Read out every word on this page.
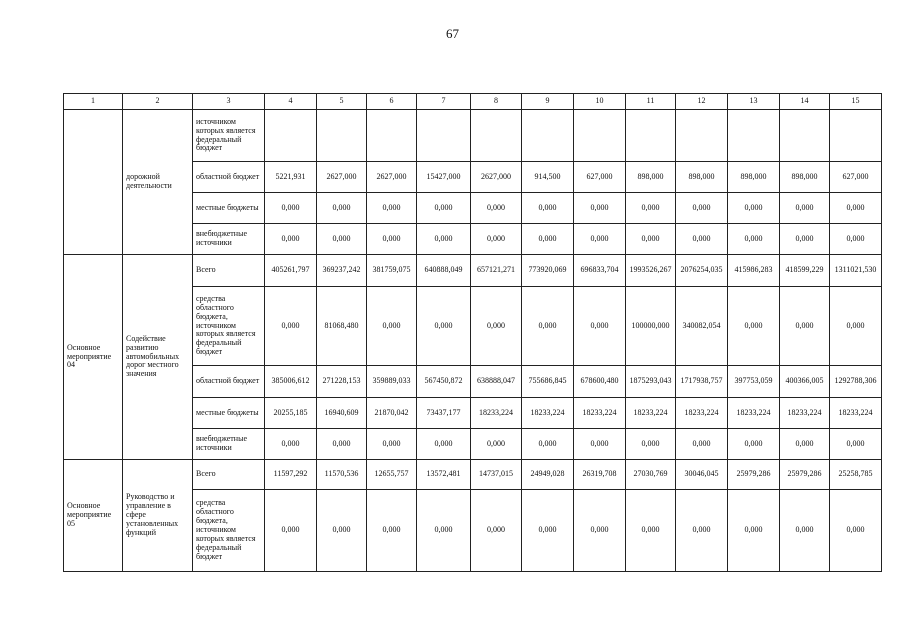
67
1	2	3	4	5	6	7	8	9	10	11	12	13	14	15
	дорожной деятельности	источником которых является федеральный бюджет												
		областной бюджет	5221,931	2627,000	2627,000	15427,000	2627,000	914,500	627,000	898,000	898,000	898,000	898,000	627,000
		местные бюджеты	0,000	0,000	0,000	0,000	0,000	0,000	0,000	0,000	0,000	0,000	0,000	0,000
		внебюджетные источники	0,000	0,000	0,000	0,000	0,000	0,000	0,000	0,000	0,000	0,000	0,000	0,000
Основное мероприятие 04	Содействие развитию автомобильных дорог местного значения	Всего	405261,797	369237,242	381759,075	640888,049	657121,271	773920,069	696833,704	1993526,267	2076254,035	415986,283	418599,229	1311021,530
		средства областного бюджета, источником которых является федеральный бюджет	0,000	81068,480	0,000	0,000	0,000	0,000	0,000	100000,000	340082,054	0,000	0,000	0,000
		областной бюджет	385006,612	271228,153	359889,033	567450,872	638888,047	755686,845	678600,480	1875293,043	1717938,757	397753,059	400366,005	1292788,306
		местные бюджеты	20255,185	16940,609	21870,042	73437,177	18233,224	18233,224	18233,224	18233,224	18233,224	18233,224	18233,224	18233,224
		внебюджетные источники	0,000	0,000	0,000	0,000	0,000	0,000	0,000	0,000	0,000	0,000	0,000	0,000
Основное мероприятие 05	Руководство и управление в сфере установленных функций	Всего	11597,292	11570,536	12655,757	13572,481	14737,015	24949,028	26319,708	27030,769	30046,045	25979,286	25979,286	25258,785
		средства областного бюджета, источником которых является федеральный бюджет	0,000	0,000	0,000	0,000	0,000	0,000	0,000	0,000	0,000	0,000	0,000	0,000
